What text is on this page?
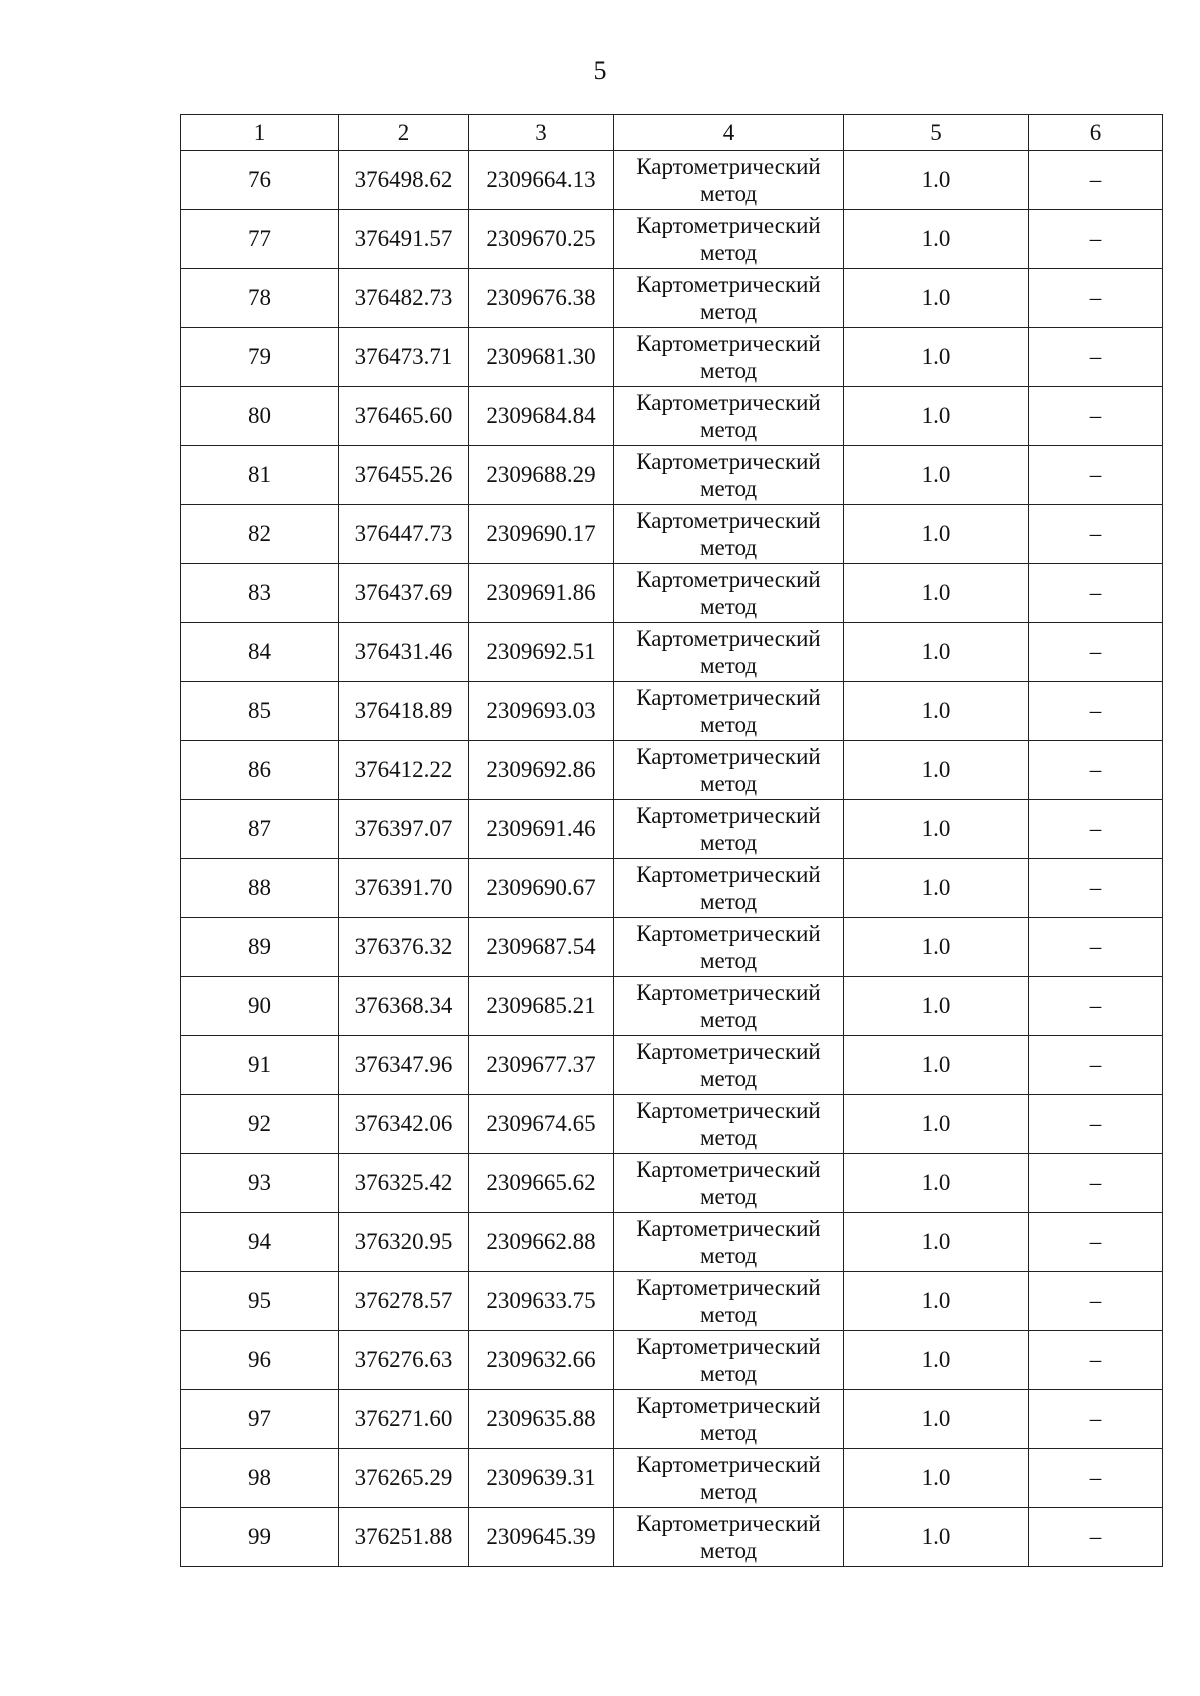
5
1	2	3	4	5	6
76	376498.62	2309664.13	Картометрический метод	1.0	–
77	376491.57	2309670.25	Картометрический метод	1.0	–
78	376482.73	2309676.38	Картометрический метод	1.0	–
79	376473.71	2309681.30	Картометрический метод	1.0	–
80	376465.60	2309684.84	Картометрический метод	1.0	–
81	376455.26	2309688.29	Картометрический метод	1.0	–
82	376447.73	2309690.17	Картометрический метод	1.0	–
83	376437.69	2309691.86	Картометрический метод	1.0	–
84	376431.46	2309692.51	Картометрический метод	1.0	–
85	376418.89	2309693.03	Картометрический метод	1.0	–
86	376412.22	2309692.86	Картометрический метод	1.0	–
87	376397.07	2309691.46	Картометрический метод	1.0	–
88	376391.70	2309690.67	Картометрический метод	1.0	–
89	376376.32	2309687.54	Картометрический метод	1.0	–
90	376368.34	2309685.21	Картометрический метод	1.0	–
91	376347.96	2309677.37	Картометрический метод	1.0	–
92	376342.06	2309674.65	Картометрический метод	1.0	–
93	376325.42	2309665.62	Картометрический метод	1.0	–
94	376320.95	2309662.88	Картометрический метод	1.0	–
95	376278.57	2309633.75	Картометрический метод	1.0	–
96	376276.63	2309632.66	Картометрический метод	1.0	–
97	376271.60	2309635.88	Картометрический метод	1.0	–
98	376265.29	2309639.31	Картометрический метод	1.0	–
99	376251.88	2309645.39	Картометрический метод	1.0	–
